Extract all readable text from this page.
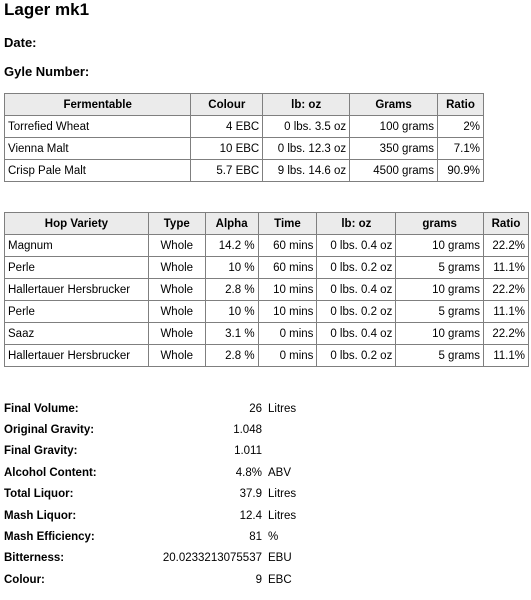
Lager mk1
Date:
Gyle Number:
Fermentable	Colour	lb: oz	Grams	Ratio
Torrefied Wheat	4 EBC	0 lbs. 3.5 oz	100 grams	2%
Vienna Malt	10 EBC	0 lbs. 12.3 oz	350 grams	7.1%
Crisp Pale Malt	5.7 EBC	9 lbs. 14.6 oz	4500 grams	90.9%
Hop Variety	Type	Alpha	Time	lb: oz	grams	Ratio
Magnum	Whole	14.2 %	60 mins	0 lbs. 0.4 oz	10 grams	22.2%
Perle	Whole	10 %	60 mins	0 lbs. 0.2 oz	5 grams	11.1%
Hallertauer Hersbrucker	Whole	2.8 %	10 mins	0 lbs. 0.4 oz	10 grams	22.2%
Perle	Whole	10 %	10 mins	0 lbs. 0.2 oz	5 grams	11.1%
Saaz	Whole	3.1 %	0 mins	0 lbs. 0.4 oz	10 grams	22.2%
Hallertauer Hersbrucker	Whole	2.8 %	0 mins	0 lbs. 0.2 oz	5 grams	11.1%
Final Volume:	26	Litres
Original Gravity:	1.048	
Final Gravity:	1.011	
Alcohol Content:	4.8%	ABV
Total Liquor:	37.9	Litres
Mash Liquor:	12.4	Litres
Mash Efficiency:	81	%
Bitterness:	20.0233213075537	EBU
Colour:	9	EBC
